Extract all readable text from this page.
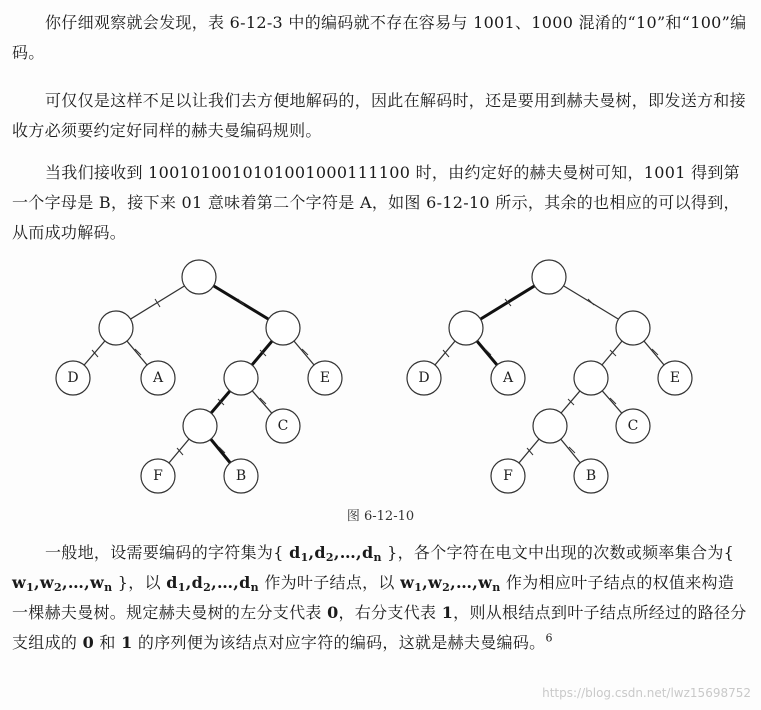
你仔细观察就会发现，表 6-12-3 中的编码就不存在容易与 1001、1000 混淆的“10”和“100”编码。

可仅仅是这样不足以让我们去方便地解码的，因此在解码时，还是要用到赫夫曼树，即发送方和接收方必须要约定好同样的赫夫曼编码规则。

当我们接收到 1001010010101001000111100 时，由约定好的赫夫曼树可知，1001 得到第一个字母是 B，接下来 01 意味着第二个字符是 A，如图 6-12-10 所示，其余的也相应的可以得到，从而成功解码。

D	A	E
C
F	B
D	A	E
C
F	B
图 6-12-10

一般地，设需要编码的字符集为{ $d_1,d_2,\dots,d_n$ }，各个字符在电文中出现的次数或频率集合为{ $w_1,w_2,\dots,w_n$ }，以 $d_1,d_2,\dots,d_n$ 作为叶子结点，以 $w_1,w_2,\dots,w_n$ 作为相应叶子结点的权值来构造一棵赫夫曼树。规定赫夫曼树的左分支代表 0，右分支代表 1，则从根结点到叶子结点所经过的路径分支组成的 0 和 1 的序列便为该结点对应字符的编码，这就是赫夫曼编码。$^6$

https://blog.csdn.net/lwz15698752
